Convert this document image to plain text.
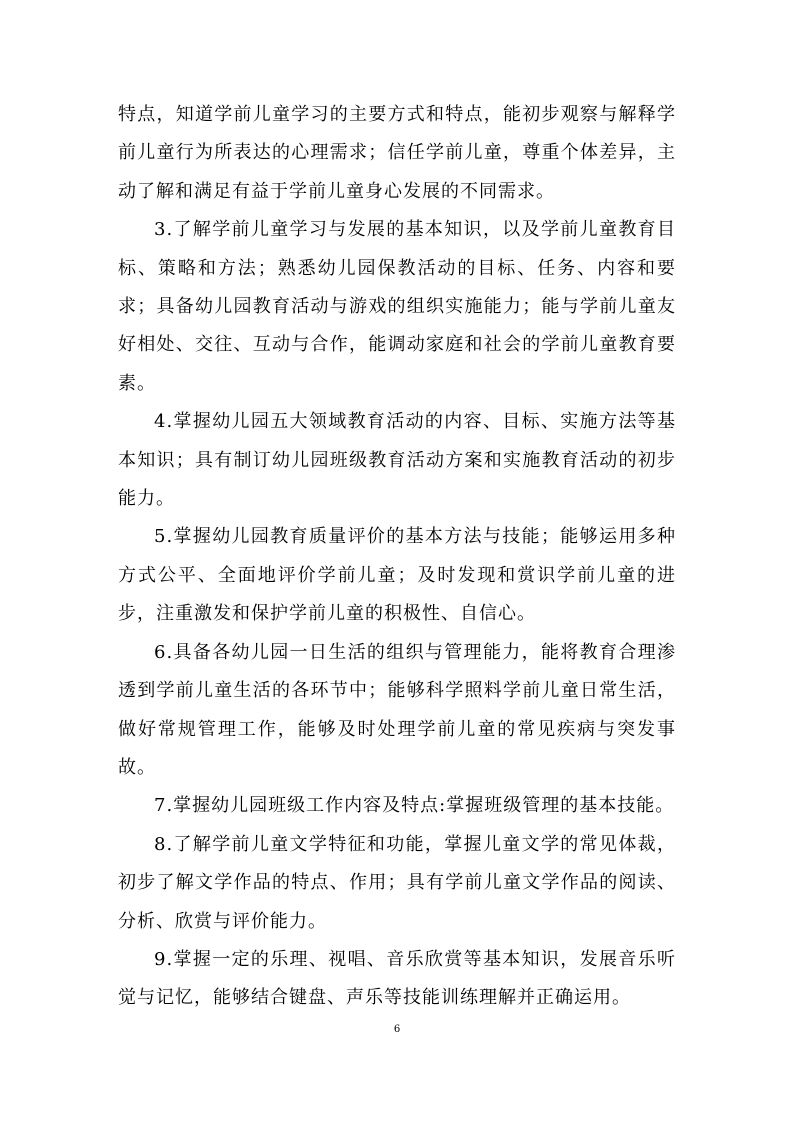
特点，知道学前儿童学习的主要方式和特点，能初步观察与解释学前儿童行为所表达的心理需求；信任学前儿童，尊重个体差异，主动了解和满足有益于学前儿童身心发展的不同需求。

3.了解学前儿童学习与发展的基本知识，以及学前儿童教育目标、策略和方法；熟悉幼儿园保教活动的目标、任务、内容和要求；具备幼儿园教育活动与游戏的组织实施能力；能与学前儿童友好相处、交往、互动与合作，能调动家庭和社会的学前儿童教育要素。

4.掌握幼儿园五大领域教育活动的内容、目标、实施方法等基本知识；具有制订幼儿园班级教育活动方案和实施教育活动的初步能力。

5.掌握幼儿园教育质量评价的基本方法与技能；能够运用多种方式公平、全面地评价学前儿童；及时发现和赏识学前儿童的进步，注重激发和保护学前儿童的积极性、自信心。

6.具备各幼儿园一日生活的组织与管理能力，能将教育合理渗透到学前儿童生活的各环节中；能够科学照料学前儿童日常生活，做好常规管理工作，能够及时处理学前儿童的常见疾病与突发事故。

7.掌握幼儿园班级工作内容及特点:掌握班级管理的基本技能。

8.了解学前儿童文学特征和功能，掌握儿童文学的常见体裁，初步了解文学作品的特点、作用；具有学前儿童文学作品的阅读、分析、欣赏与评价能力。

9.掌握一定的乐理、视唱、音乐欣赏等基本知识，发展音乐听觉与记忆，能够结合键盘、声乐等技能训练理解并正确运用。

6
